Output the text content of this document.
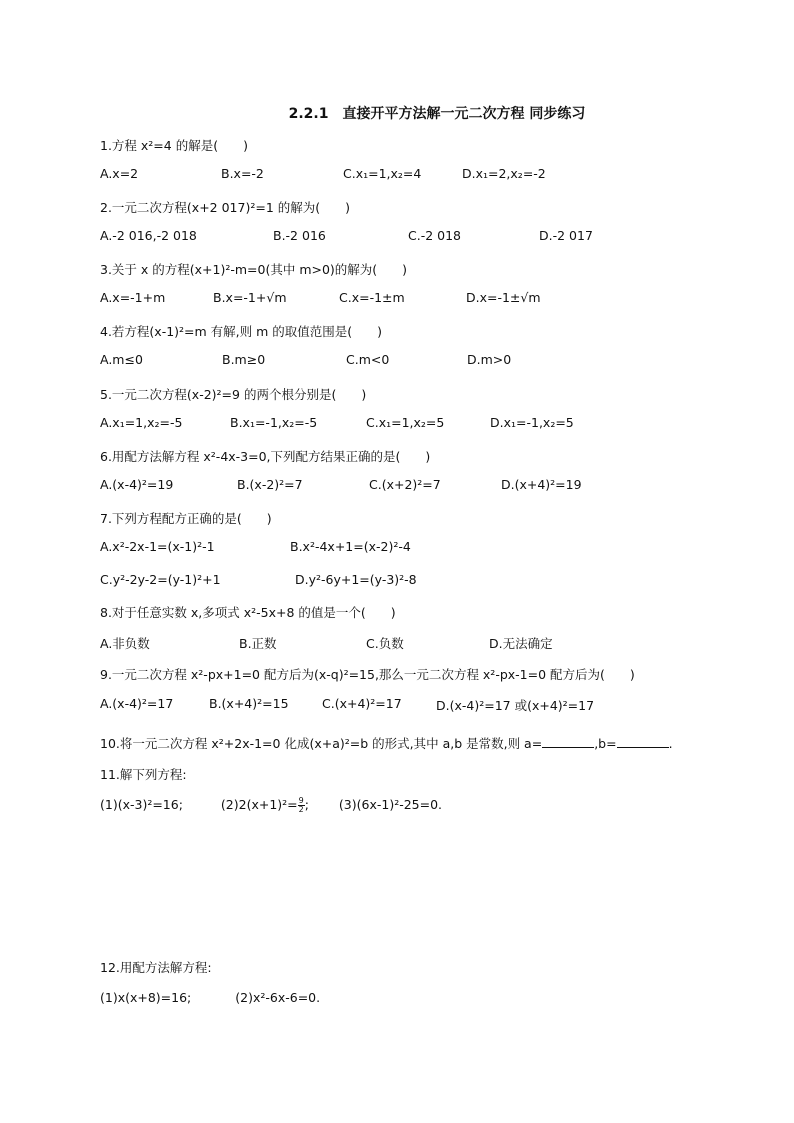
2.2.1　直接开平方法解一元二次方程 同步练习
1.方程 x²=4 的解是(　　)
A.x=2	B.x=-2	C.x₁=1,x₂=4	D.x₁=2,x₂=-2
2.一元二次方程(x+2 017)²=1 的解为(　　)
A.-2 016,-2 018	B.-2 016	C.-2 018	D.-2 017
3.关于 x 的方程(x+1)²-m=0(其中 m>0)的解为(　　)
A.x=-1+m	B.x=-1+√m	C.x=-1±m	D.x=-1±√m
4.若方程(x-1)²=m 有解,则 m 的取值范围是(　　)
A.m≤0	B.m≥0	C.m<0	D.m>0
5.一元二次方程(x-2)²=9 的两个根分别是(　　)
A.x₁=1,x₂=-5	B.x₁=-1,x₂=-5	C.x₁=1,x₂=5	D.x₁=-1,x₂=5
6.用配方法解方程 x²-4x-3=0,下列配方结果正确的是(　　)
A.(x-4)²=19	B.(x-2)²=7	C.(x+2)²=7	D.(x+4)²=19
7.下列方程配方正确的是(　　)
A.x²-2x-1=(x-1)²-1	B.x²-4x+1=(x-2)²-4
C.y²-2y-2=(y-1)²+1	D.y²-6y+1=(y-3)²-8
8.对于任意实数 x,多项式 x²-5x+8 的值是一个(　　)
A.非负数	B.正数	C.负数	D.无法确定
9.一元二次方程 x²-px+1=0 配方后为(x-q)²=15,那么一元二次方程 x²-px-1=0 配方后为(　　)
A.(x-4)²=17	B.(x+4)²=15	C.(x+4)²=17	D.(x-4)²=17 或(x+4)²=17
10.将一元二次方程 x²+2x-1=0 化成(x+a)²=b 的形式,其中 a,b 是常数,则 a=	,b=	.
11.解下列方程:
(1)(x-3)²=16;	$(2)2(x+1)^2= \frac{9}{2}$ ; (3)(6x-1)²-25=0.
12.用配方法解方程:
(1)x(x+8)=16;	(2)x²-6x-6=0.
